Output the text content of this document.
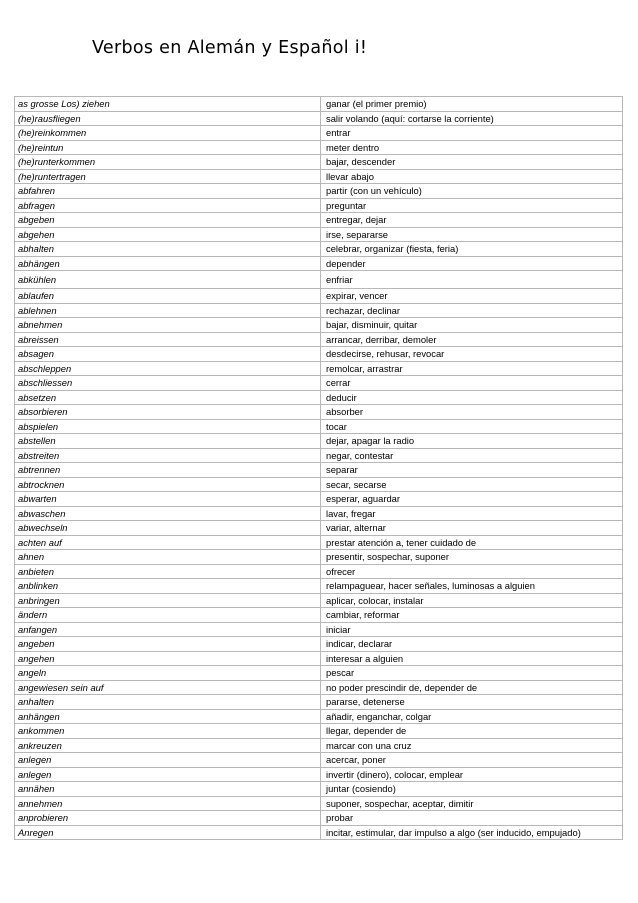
Verbos en Alemán y Español i!
as grosse Los) ziehen	ganar (el primer premio)
(he)rausfliegen	salir volando (aquí: cortarse la corriente)
(he)reinkommen	entrar
(he)reintun	meter dentro
(he)runterkommen	bajar, descender
(he)runtertragen	llevar abajo
abfahren	partir (con un vehículo)
abfragen	preguntar
abgeben	entregar, dejar
abgehen	irse, separarse
abhalten	celebrar, organizar (fiesta, feria)
abhängen	depender
abkühlen	enfriar
ablaufen	expirar, vencer
ablehnen	rechazar, declinar
abnehmen	bajar, disminuir, quitar
abreissen	arrancar, derribar, demoler
absagen	desdecirse, rehusar, revocar
abschleppen	remolcar, arrastrar
abschliessen	cerrar
absetzen	deducir
absorbieren	absorber
abspielen	tocar
abstellen	dejar, apagar la radio
abstreiten	negar, contestar
abtrennen	separar
abtrocknen	secar, secarse
abwarten	esperar, aguardar
abwaschen	lavar, fregar
abwechseln	variar, alternar
achten auf	prestar atención a, tener cuidado de
ahnen	presentir, sospechar, suponer
anbieten	ofrecer
anblinken	relampaguear, hacer señales, luminosas a alguien
anbringen	aplicar, colocar, instalar
ändern	cambiar, reformar
anfangen	iniciar
angeben	indicar, declarar
angehen	interesar a alguien
angeln	pescar
angewiesen sein auf	no poder prescindir de, depender de
anhalten	pararse, detenerse
anhängen	añadir, enganchar, colgar
ankommen	llegar, depender de
ankreuzen	marcar con una cruz
anlegen	acercar, poner
anlegen	invertir (dinero), colocar, emplear
annähen	juntar (cosiendo)
annehmen	suponer, sospechar, aceptar, dimitir
anprobieren	probar
Anregen	incitar, estimular, dar impulso a algo (ser inducido, empujado)
